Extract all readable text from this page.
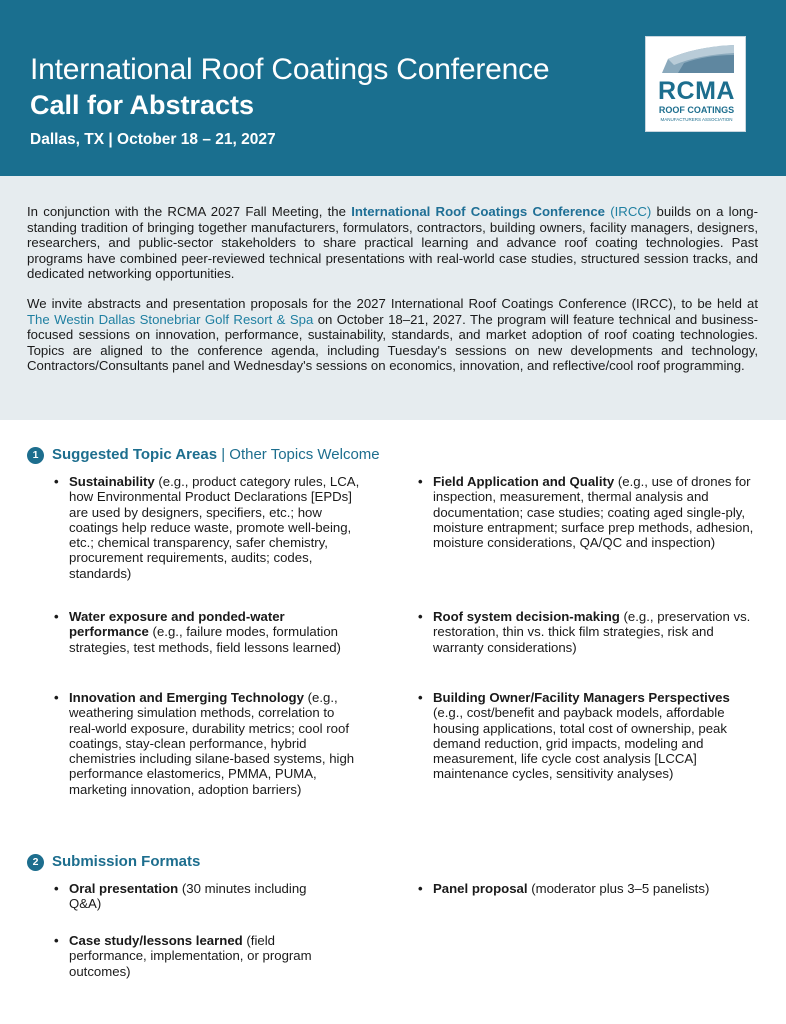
International Roof Coatings Conference
Call for Abstracts
Dallas, TX | October 18 – 21, 2027
RCMA
ROOF COATINGS
MANUFACTURERS ASSOCIATION

In conjunction with the RCMA 2027 Fall Meeting, the International Roof Coatings Conference (IRCC) builds on a long-standing tradition of bringing together manufacturers, formulators, contractors, building owners, facility managers, designers, researchers, and public-sector stakeholders to share practical learning and advance roof coating technologies. Past programs have combined peer-reviewed technical presentations with real-world case studies, structured session tracks, and dedicated networking opportunities.

We invite abstracts and presentation proposals for the 2027 International Roof Coatings Conference (IRCC), to be held at The Westin Dallas Stonebriar Golf Resort & Spa on October 18–21, 2027. The program will feature technical and business-focused sessions on innovation, performance, sustainability, standards, and market adoption of roof coating technologies. Topics are aligned to the conference agenda, including Tuesday's sessions on new developments and technology, Contractors/Consultants panel and Wednesday's sessions on economics, innovation, and reflective/cool roof programming.

1 Suggested Topic Areas | Other Topics Welcome
• Sustainability (e.g., product category rules, LCA, how Environmental Product Declarations [EPDs] are used by designers, specifiers, etc.; how coatings help reduce waste, promote well-being, etc.; chemical transparency, safer chemistry, procurement requirements, audits; codes, standards)
• Water exposure and ponded-water performance (e.g., failure modes, formulation strategies, test methods, field lessons learned)
• Innovation and Emerging Technology (e.g., weathering simulation methods, correlation to real-world exposure, durability metrics; cool roof coatings, stay-clean performance, hybrid chemistries including silane-based systems, high performance elastomerics, PMMA, PUMA, marketing innovation, adoption barriers)
• Field Application and Quality (e.g., use of drones for inspection, measurement, thermal analysis and documentation; case studies; coating aged single-ply, moisture entrapment; surface prep methods, adhesion, moisture considerations, QA/QC and inspection)
• Roof system decision-making (e.g., preservation vs. restoration, thin vs. thick film strategies, risk and warranty considerations)
• Building Owner/Facility Managers Perspectives (e.g., cost/benefit and payback models, affordable housing applications, total cost of ownership, peak demand reduction, grid impacts, modeling and measurement, life cycle cost analysis [LCCA] maintenance cycles, sensitivity analyses)
2 Submission Formats
• Oral presentation (30 minutes including Q&A)
• Case study/lessons learned (field performance, implementation, or program outcomes)
• Panel proposal (moderator plus 3–5 panelists)
